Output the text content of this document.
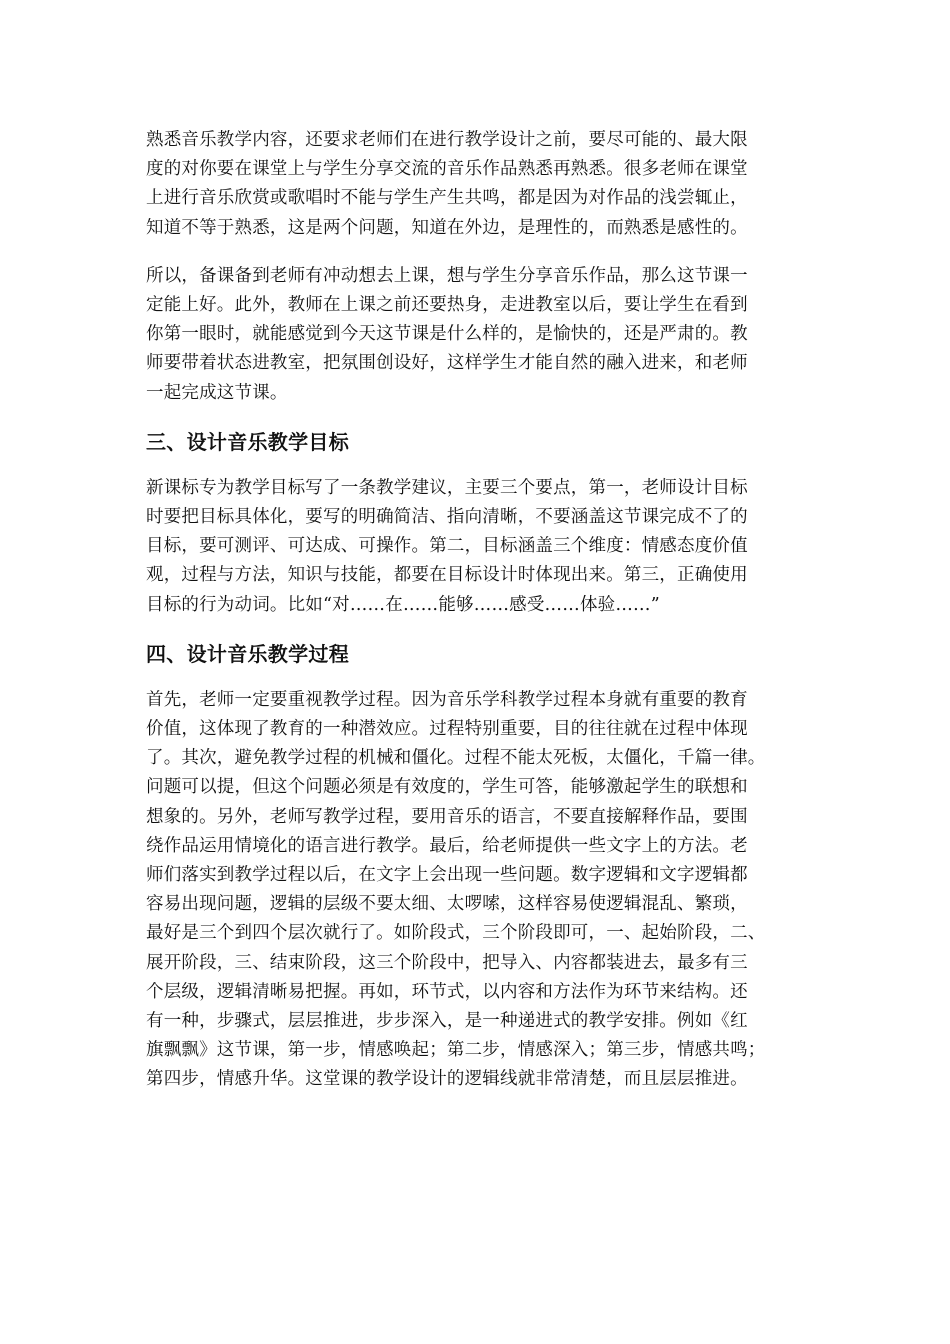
熟悉音乐教学内容，还要求老师们在进行教学设计之前，要尽可能的、最大限
度的对你要在课堂上与学生分享交流的音乐作品熟悉再熟悉。很多老师在课堂
上进行音乐欣赏或歌唱时不能与学生产生共鸣，都是因为对作品的浅尝辄止，
知道不等于熟悉，这是两个问题，知道在外边，是理性的，而熟悉是感性的。

所以，备课备到老师有冲动想去上课，想与学生分享音乐作品，那么这节课一
定能上好。此外，教师在上课之前还要热身，走进教室以后，要让学生在看到
你第一眼时，就能感觉到今天这节课是什么样的，是愉快的，还是严肃的。教
师要带着状态进教室，把氛围创设好，这样学生才能自然的融入进来，和老师
一起完成这节课。

三、设计音乐教学目标

新课标专为教学目标写了一条教学建议，主要三个要点，第一，老师设计目标
时要把目标具体化，要写的明确简洁、指向清晰，不要涵盖这节课完成不了的
目标，要可测评、可达成、可操作。第二，目标涵盖三个维度：情感态度价值
观，过程与方法，知识与技能，都要在目标设计时体现出来。第三，正确使用
目标的行为动词。比如“对……在……能够……感受……体验……”

四、设计音乐教学过程

首先，老师一定要重视教学过程。因为音乐学科教学过程本身就有重要的教育
价值，这体现了教育的一种潜效应。过程特别重要，目的往往就在过程中体现
了。其次，避免教学过程的机械和僵化。过程不能太死板，太僵化，千篇一律。
问题可以提，但这个问题必须是有效度的，学生可答，能够激起学生的联想和
想象的。另外，老师写教学过程，要用音乐的语言，不要直接解释作品，要围
绕作品运用情境化的语言进行教学。最后，给老师提供一些文字上的方法。老
师们落实到教学过程以后，在文字上会出现一些问题。数字逻辑和文字逻辑都
容易出现问题，逻辑的层级不要太细、太啰嗦，这样容易使逻辑混乱、繁琐，
最好是三个到四个层次就行了。如阶段式，三个阶段即可，一、起始阶段，二、
展开阶段，三、结束阶段，这三个阶段中，把导入、内容都装进去，最多有三
个层级，逻辑清晰易把握。再如，环节式，以内容和方法作为环节来结构。还
有一种，步骤式，层层推进，步步深入，是一种递进式的教学安排。例如《红
旗飘飘》这节课，第一步，情感唤起；第二步，情感深入；第三步，情感共鸣；
第四步，情感升华。这堂课的教学设计的逻辑线就非常清楚，而且层层推进。
